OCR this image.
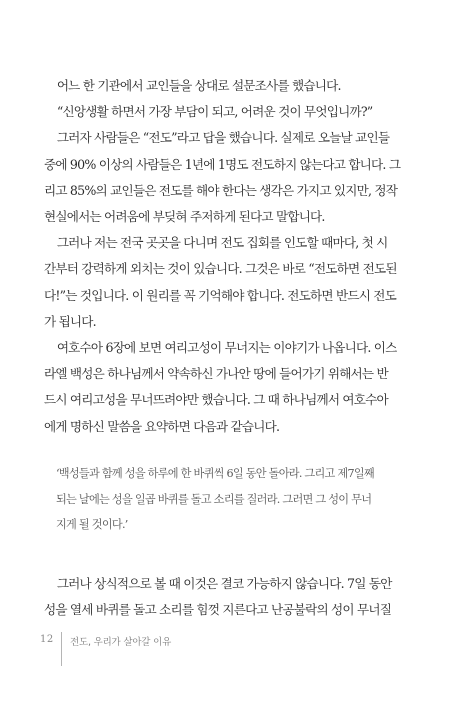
어느 한 기관에서 교인들을 상대로 설문조사를 했습니다.
“신앙생활 하면서 가장 부담이 되고, 어려운 것이 무엇입니까?”
그러자 사람들은 “전도”라고 답을 했습니다. 실제로 오늘날 교인들
중에 90% 이상의 사람들은 1년에 1명도 전도하지 않는다고 합니다. 그
리고 85%의 교인들은 전도를 해야 한다는 생각은 가지고 있지만, 정작
현실에서는 어려움에 부딪혀 주저하게 된다고 말합니다.
그러나 저는 전국 곳곳을 다니며 전도 집회를 인도할 때마다, 첫 시
간부터 강력하게 외치는 것이 있습니다. 그것은 바로 “전도하면 전도된
다!”는 것입니다. 이 원리를 꼭 기억해야 합니다. 전도하면 반드시 전도
가 됩니다.
여호수아 6장에 보면 여리고성이 무너지는 이야기가 나옵니다. 이스
라엘 백성은 하나님께서 약속하신 가나안 땅에 들어가기 위해서는 반
드시 여리고성을 무너뜨려야만 했습니다. 그 때 하나님께서 여호수아
에게 명하신 말씀을 요약하면 다음과 같습니다.
‘백성들과 함께 성을 하루에 한 바퀴씩 6일 동안 돌아라. 그리고 제7일째
되는 날에는 성을 일곱 바퀴를 돌고 소리를 질러라. 그러면 그 성이 무너
지게 될 것이다.’
그러나 상식적으로 볼 때 이것은 결코 가능하지 않습니다. 7일 동안
성을 열세 바퀴를 돌고 소리를 힘껏 지른다고 난공불락의 성이 무너질
12 전도, 우리가 살아갈 이유
